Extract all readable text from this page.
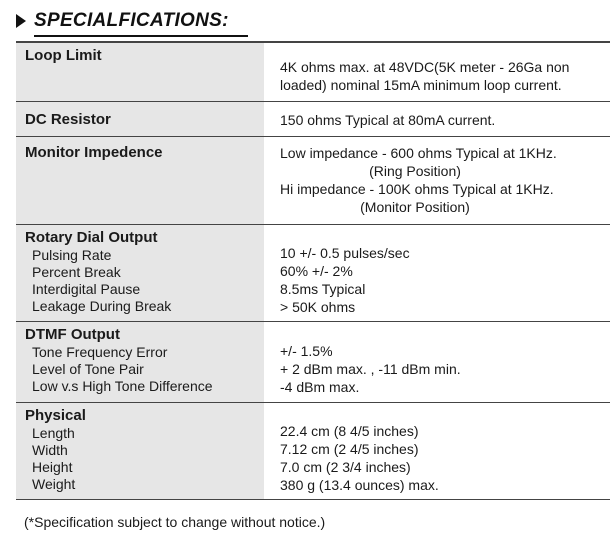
SPECIALFICATIONS:
Loop Limit
4K ohms max. at 48VDC(5K meter - 26Ga non
loaded) nominal 15mA minimum loop current.
DC Resistor	150 ohms Typical at 80mA current.
Monitor Impedence	Low impedance - 600 ohms Typical at 1KHz.
(Ring Position)
Hi impedance - 100K ohms Typical at 1KHz.
(Monitor Position)
Rotary Dial Output
Pulsing Rate
Percent Break
Interdigital Pause
Leakage During Break
10 +/- 0.5 pulses/sec
60% +/- 2%
8.5ms Typical
> 50K ohms
DTMF Output
Tone Frequency Error
Level of Tone Pair
Low v.s High Tone Difference
+/- 1.5%
+ 2 dBm max. , -11 dBm min.
-4 dBm max.
Physical
Length
Width
Height
Weight
22.4 cm (8 4/5 inches)
7.12 cm (2 4/5 inches)
7.0 cm (2 3/4 inches)
380 g (13.4 ounces) max.
(*Specification subject to change without notice.)
